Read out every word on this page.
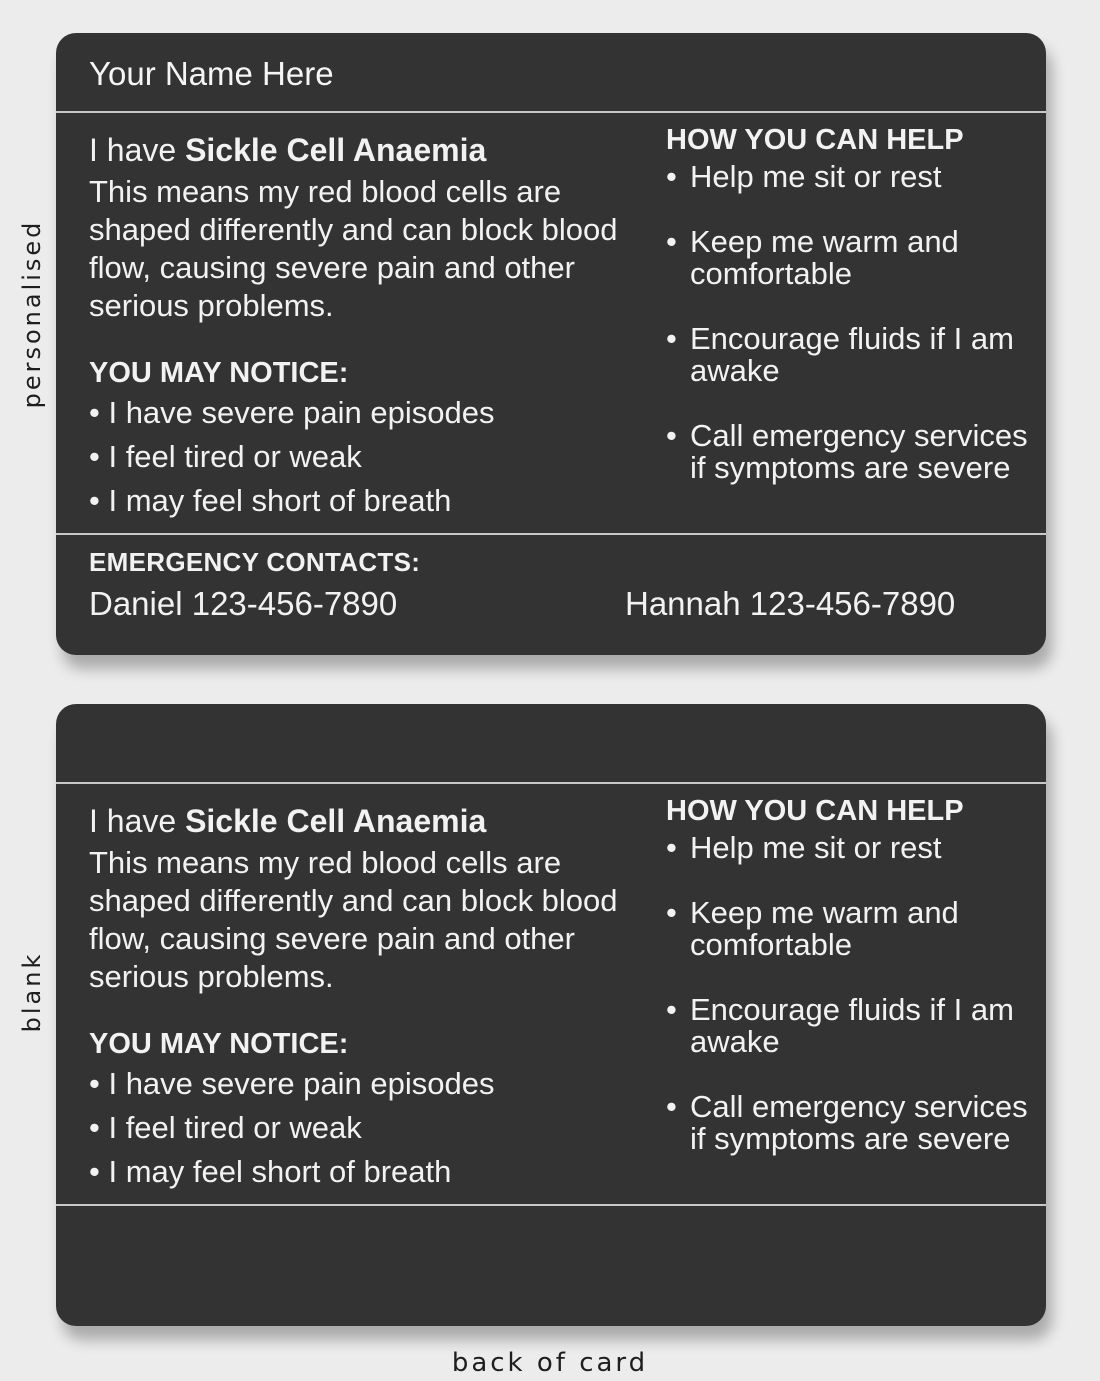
personalised
blank
Your Name Here

I have Sickle Cell Anaemia

This means my red blood cells are shaped differently and can block blood flow, causing severe pain and other serious problems.

YOU MAY NOTICE:

• I have severe pain episodes
• I feel tired or weak
• I may feel short of breath

HOW YOU CAN HELP

• Help me sit or rest
• Keep me warm and comfortable
• Encourage fluids if I am awake
• Call emergency services if symptoms are severe
EMERGENCY CONTACTS:
Daniel 123-456-7890	Hannah 123-456-7890

I have Sickle Cell Anaemia

This means my red blood cells are shaped differently and can block blood flow, causing severe pain and other serious problems.

YOU MAY NOTICE:

• I have severe pain episodes
• I feel tired or weak
• I may feel short of breath

HOW YOU CAN HELP

• Help me sit or rest
• Keep me warm and comfortable
• Encourage fluids if I am awake
• Call emergency services if symptoms are severe
back of card
